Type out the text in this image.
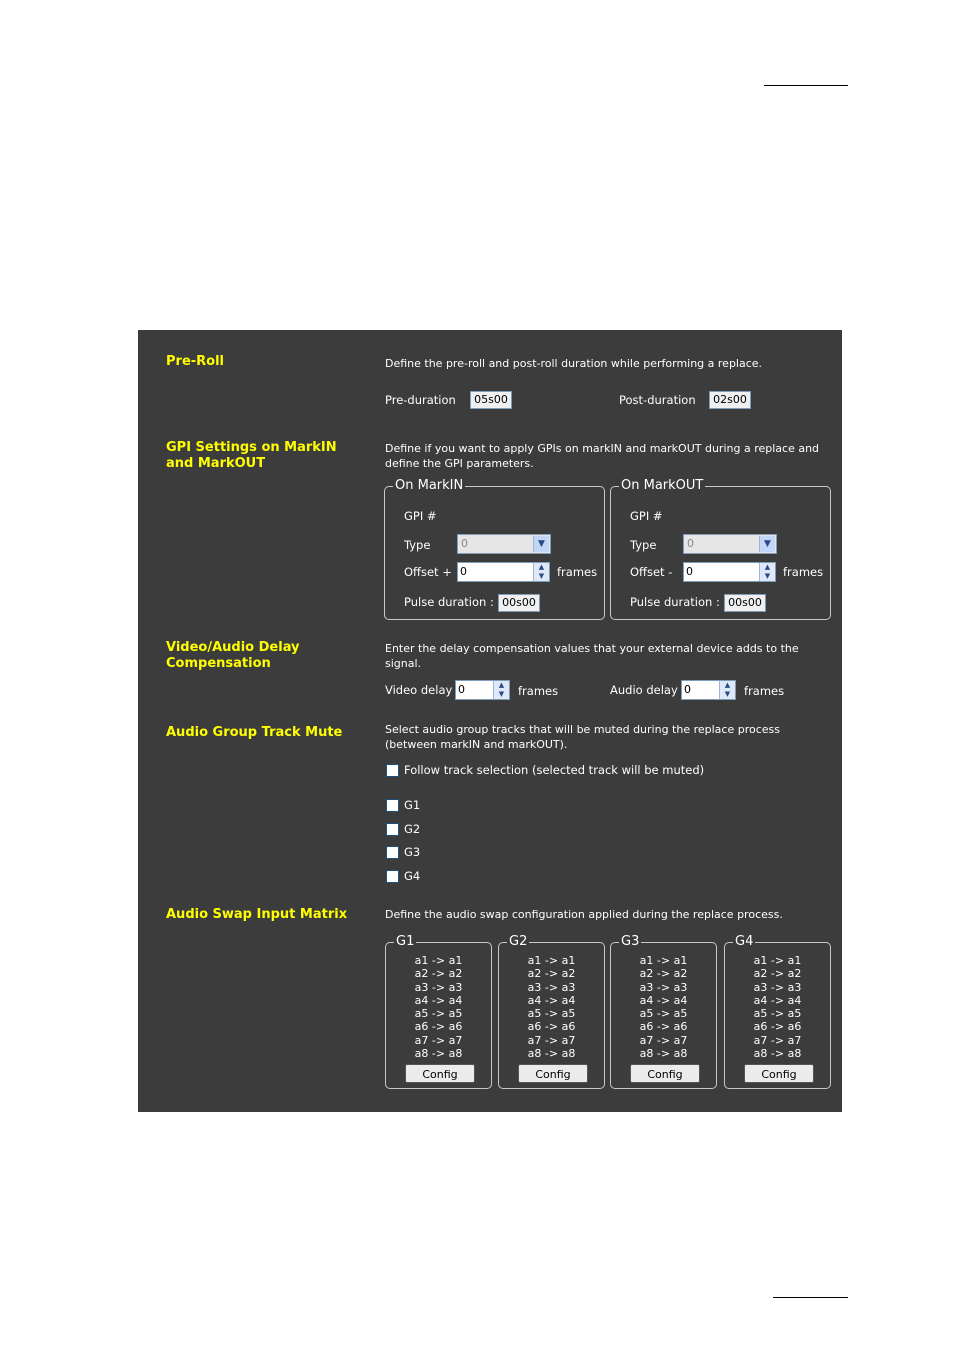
Pre-Roll	Define the pre-roll and post-roll duration while performing a replace.
Pre-duration	05s00	Post-duration	02s00
GPI Settings on MarkIN
and MarkOUT
Define if you want to apply GPIs on markIN and markOUT during a replace and
define the GPI parameters.
On MarkIN
GPI #
Type	0	▼
Offset + 0	▲
▼	frames
Pulse duration : 00s00
On MarkOUT
GPI #
Type	0	▼
Offset - 0	▲
▼	frames
Pulse duration : 00s00
Video/Audio Delay
Compensation
Enter the delay compensation values that your external device adds to the
signal.
Video delay 0	▲
▼	frames	Audio delay 0	▲
▼	frames
Audio Group Track Mute	Select audio group tracks that will be muted during the replace process
(between markIN and markOUT).
Follow track selection (selected track will be muted)
G1
G2
G3
G4
Audio Swap Input Matrix	Define the audio swap configuration applied during the replace process.
G1
a1 -> a1
a2 -> a2
a3 -> a3
a4 -> a4
a5 -> a5
a6 -> a6
a7 -> a7
a8 -> a8
Config
G2
a1 -> a1
a2 -> a2
a3 -> a3
a4 -> a4
a5 -> a5
a6 -> a6
a7 -> a7
a8 -> a8
Config
G3
a1 -> a1
a2 -> a2
a3 -> a3
a4 -> a4
a5 -> a5
a6 -> a6
a7 -> a7
a8 -> a8
Config
G4
a1 -> a1
a2 -> a2
a3 -> a3
a4 -> a4
a5 -> a5
a6 -> a6
a7 -> a7
a8 -> a8
Config
